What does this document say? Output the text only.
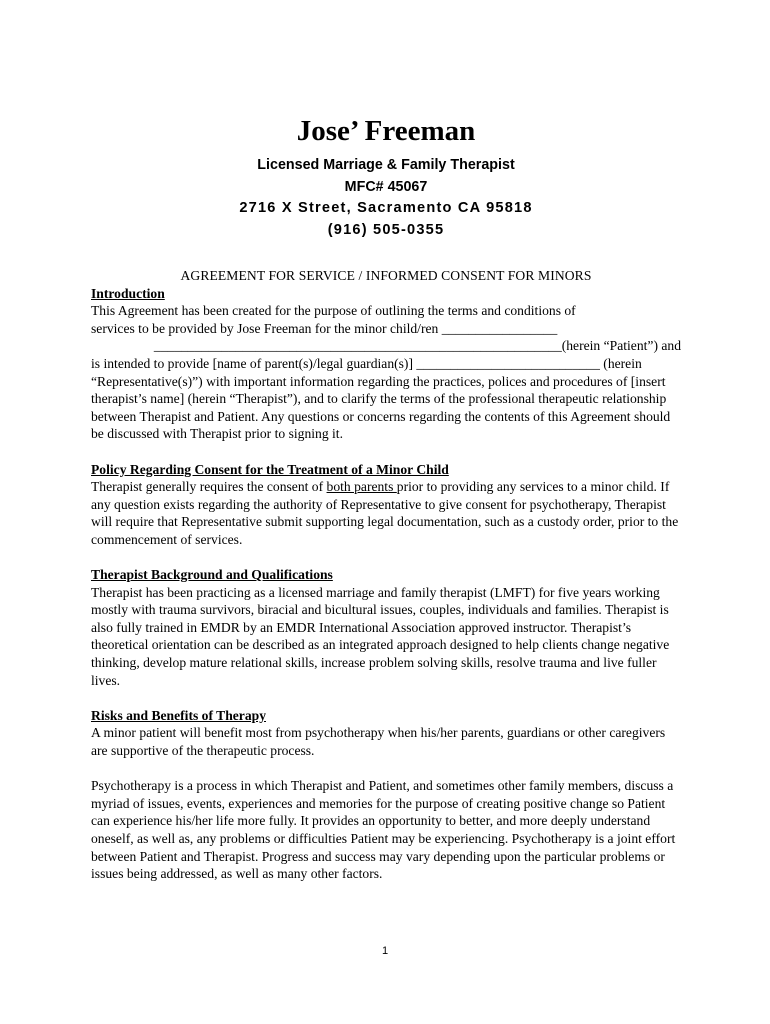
Jose’ Freeman
Licensed Marriage & Family Therapist
MFC# 45067
2716 X Street, Sacramento CA 95818
(916) 505-0355
AGREEMENT FOR SERVICE / INFORMED CONSENT FOR MINORS
Introduction

This Agreement has been created for the purpose of outlining the terms and conditions of

services to be provided by Jose Freeman for the minor child/ren _________________

____________________________________________________________(herein “Patient”) and

is intended to provide [name of parent(s)/legal guardian(s)] ___________________________ (herein “Representative(s)”) with important information regarding the practices, polices and procedures of [insert therapist’s name] (herein “Therapist”), and to clarify the terms of the professional therapeutic relationship between Therapist and Patient. Any questions or concerns regarding the contents of this Agreement should be discussed with Therapist prior to signing it.

Policy Regarding Consent for the Treatment of a Minor Child

Therapist generally requires the consent of both parents prior to providing any services to a minor child. If any question exists regarding the authority of Representative to give consent for psychotherapy, Therapist will require that Representative submit supporting legal documentation, such as a custody order, prior to the commencement of services.

Therapist Background and Qualifications

Therapist has been practicing as a licensed marriage and family therapist (LMFT) for five years working mostly with trauma survivors, biracial and bicultural issues, couples, individuals and families. Therapist is also fully trained in EMDR by an EMDR International Association approved instructor. Therapist’s theoretical orientation can be described as an integrated approach designed to help clients change negative thinking, develop mature relational skills, increase problem solving skills, resolve trauma and live fuller lives.

Risks and Benefits of Therapy

A minor patient will benefit most from psychotherapy when his/her parents, guardians or other caregivers are supportive of the therapeutic process.

Psychotherapy is a process in which Therapist and Patient, and sometimes other family members, discuss a myriad of issues, events, experiences and memories for the purpose of creating positive change so Patient can experience his/her life more fully. It provides an opportunity to better, and more deeply understand oneself, as well as, any problems or difficulties Patient may be experiencing. Psychotherapy is a joint effort between Patient and Therapist. Progress and success may vary depending upon the particular problems or issues being addressed, as well as many other factors.

1
